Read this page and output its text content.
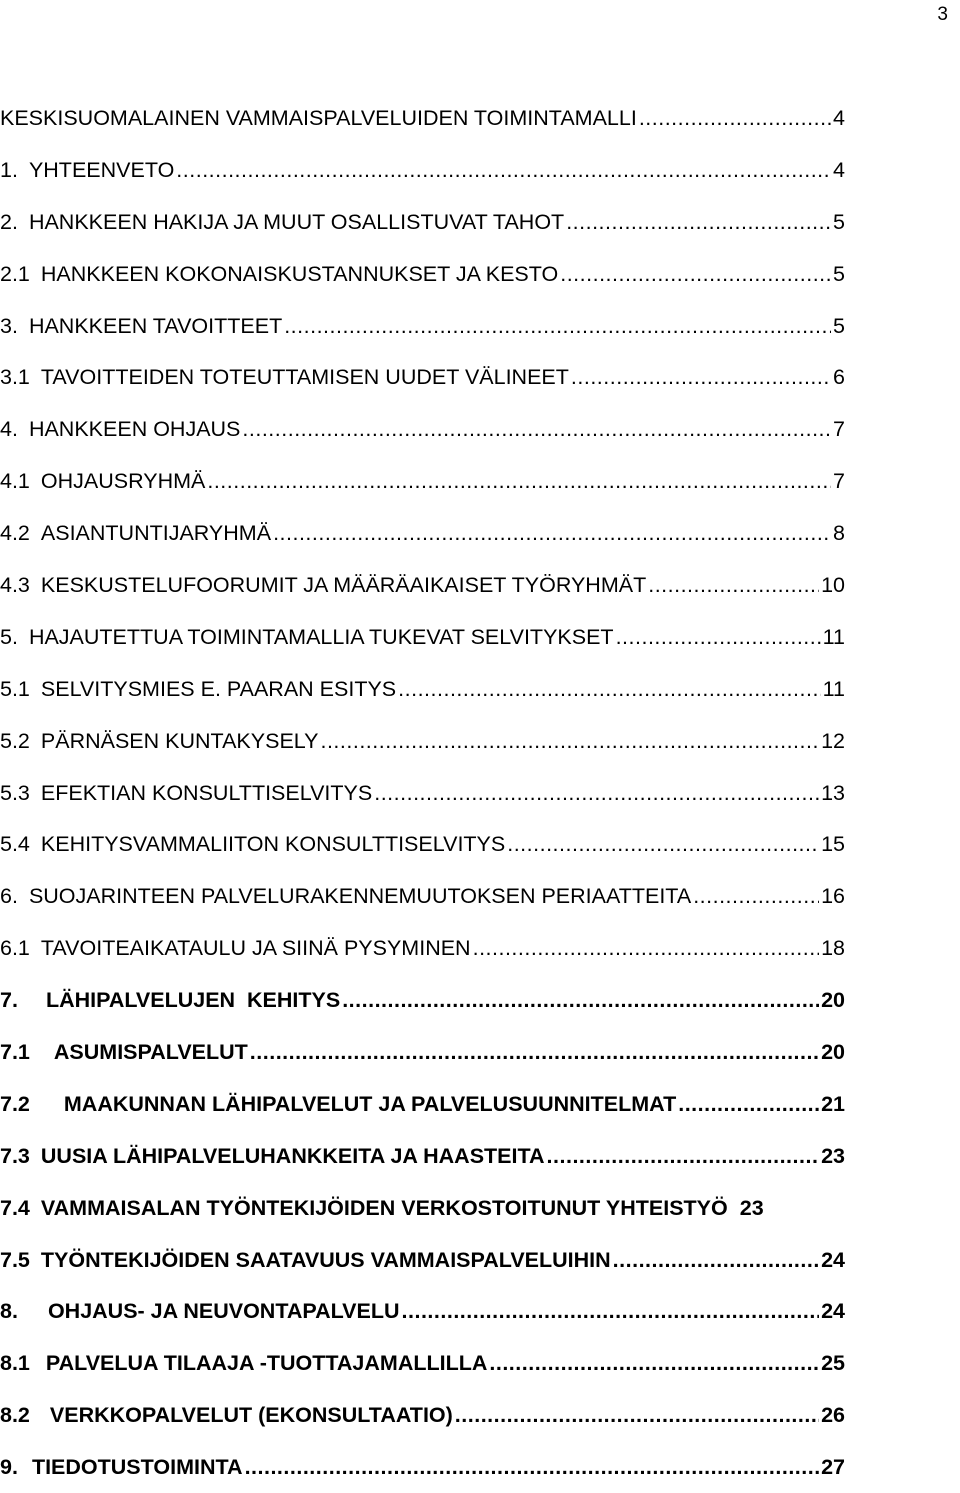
3
KESKISUOMALAINEN VAMMAISPALVELUIDEN TOIMINTAMALLI .....	4
1. YHTEENVETO .....	4
2. HANKKEEN HAKIJA JA MUUT OSALLISTUVAT TAHOT .....	5
2.1 HANKKEEN KOKONAISKUSTANNUKSET JA KESTO .....	5
3. HANKKEEN TAVOITTEET .....	5
3.1 TAVOITTEIDEN TOTEUTTAMISEN UUDET VÄLINEET .....	6
4. HANKKEEN OHJAUS .....	7
4.1 OHJAUSRYHMÄ .....	7
4.2 ASIANTUNTIJARYHMÄ .....	8
4.3 KESKUSTELUFOORUMIT JA MÄÄRÄAIKAISET TYÖRYHMÄT .....	10
5. HAJAUTETTUA TOIMINTAMALLIA TUKEVAT SELVITYKSET .....	11
5.1 SELVITYSMIES E. PAARAN ESITYS .....	11
5.2 PÄRNÄSEN KUNTAKYSELY .....	12
5.3 EFEKTIAN KONSULTTISELVITYS .....	13
5.4 KEHITYSVAMMALIITON KONSULTTISELVITYS .....	15
6. SUOJARINTEEN PALVELURAKENNEMUUTOKSEN PERIAATTEITA .....	16
6.1 TAVOITEAIKATAULU JA SIINÄ PYSYMINEN .....	18
7. LÄHIPALVELUJEN  KEHITYS .....	20
7.1 ASUMISPALVELUT .....	20
7.2 MAAKUNNAN LÄHIPALVELUT JA PALVELUSUUNNITELMAT .....	21
7.3 UUSIA LÄHIPALVELUHANKKEITA JA HAASTEITA .....	23
7.4 VAMMAISALAN TYÖNTEKIJÖIDEN VERKOSTOITUNUT YHTEISTYÖ 23
7.5 TYÖNTEKIJÖIDEN SAATAVUUS VAMMAISPALVELUIHIN .....	24
8. OHJAUS- JA NEUVONTAPALVELU .....	24
8.1 PALVELUA TILAAJA -TUOTTAJAMALLILLA .....	25
8.2 VERKKOPALVELUT (EKONSULTAATIO) .....	26
9. TIEDOTUSTOIMINTA .....	27
